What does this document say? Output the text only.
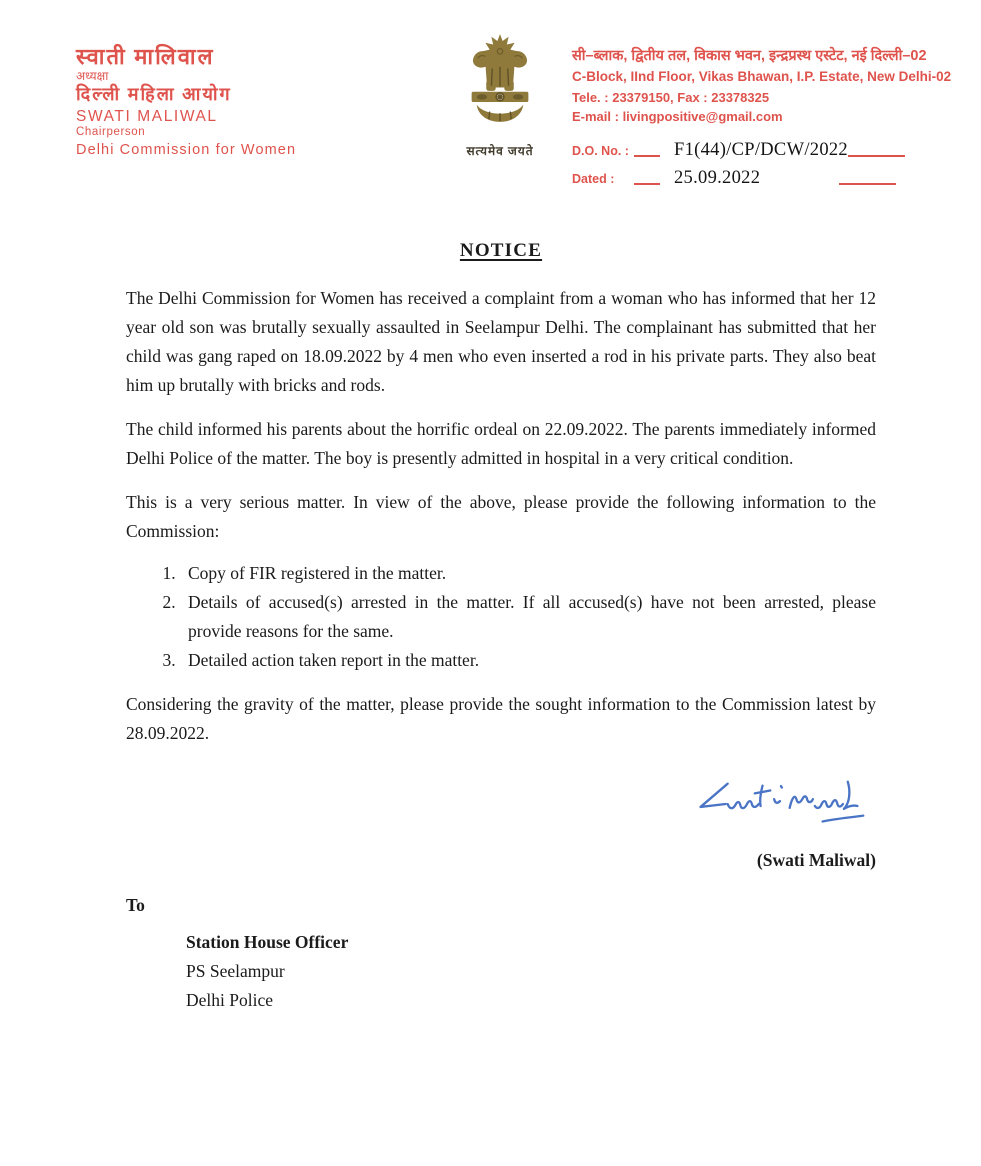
स्वाती मालिवाल
अध्यक्षा
दिल्ली महिला आयोग
SWATI MALIWAL
Chairperson
Delhi Commission for Women	सत्यमेव जयते
सी–ब्लाक, द्वितीय तल, विकास भवन, इन्द्रप्रस्थ एस्टेट, नई दिल्ली–02
C-Block, IInd Floor, Vikas Bhawan, I.P. Estate, New Delhi-02
Tele. : 23379150, Fax : 23378325
E-mail : livingpositive@gmail.com
D.O. No. : F1(44)/CP/DCW/2022
Dated :	25.09.2022
NOTICE

The Delhi Commission for Women has received a complaint from a woman who has informed that her 12 year old son was brutally sexually assaulted in Seelampur Delhi. The complainant has submitted that her child was gang raped on 18.09.2022 by 4 men who even inserted a rod in his private parts. They also beat him up brutally with bricks and rods.

The child informed his parents about the horrific ordeal on 22.09.2022. The parents immediately informed Delhi Police of the matter. The boy is presently admitted in hospital in a very critical condition.

This is a very serious matter. In view of the above, please provide the following information to the Commission:

1. Copy of FIR registered in the matter.
2. Details of accused(s) arrested in the matter. If all accused(s) have not been arrested, please provide reasons for the same.
3. Detailed action taken report in the matter.

Considering the gravity of the matter, please provide the sought information to the Commission latest by 28.09.2022.

(Swati Maliwal)
To
Station House Officer
PS Seelampur
Delhi Police
